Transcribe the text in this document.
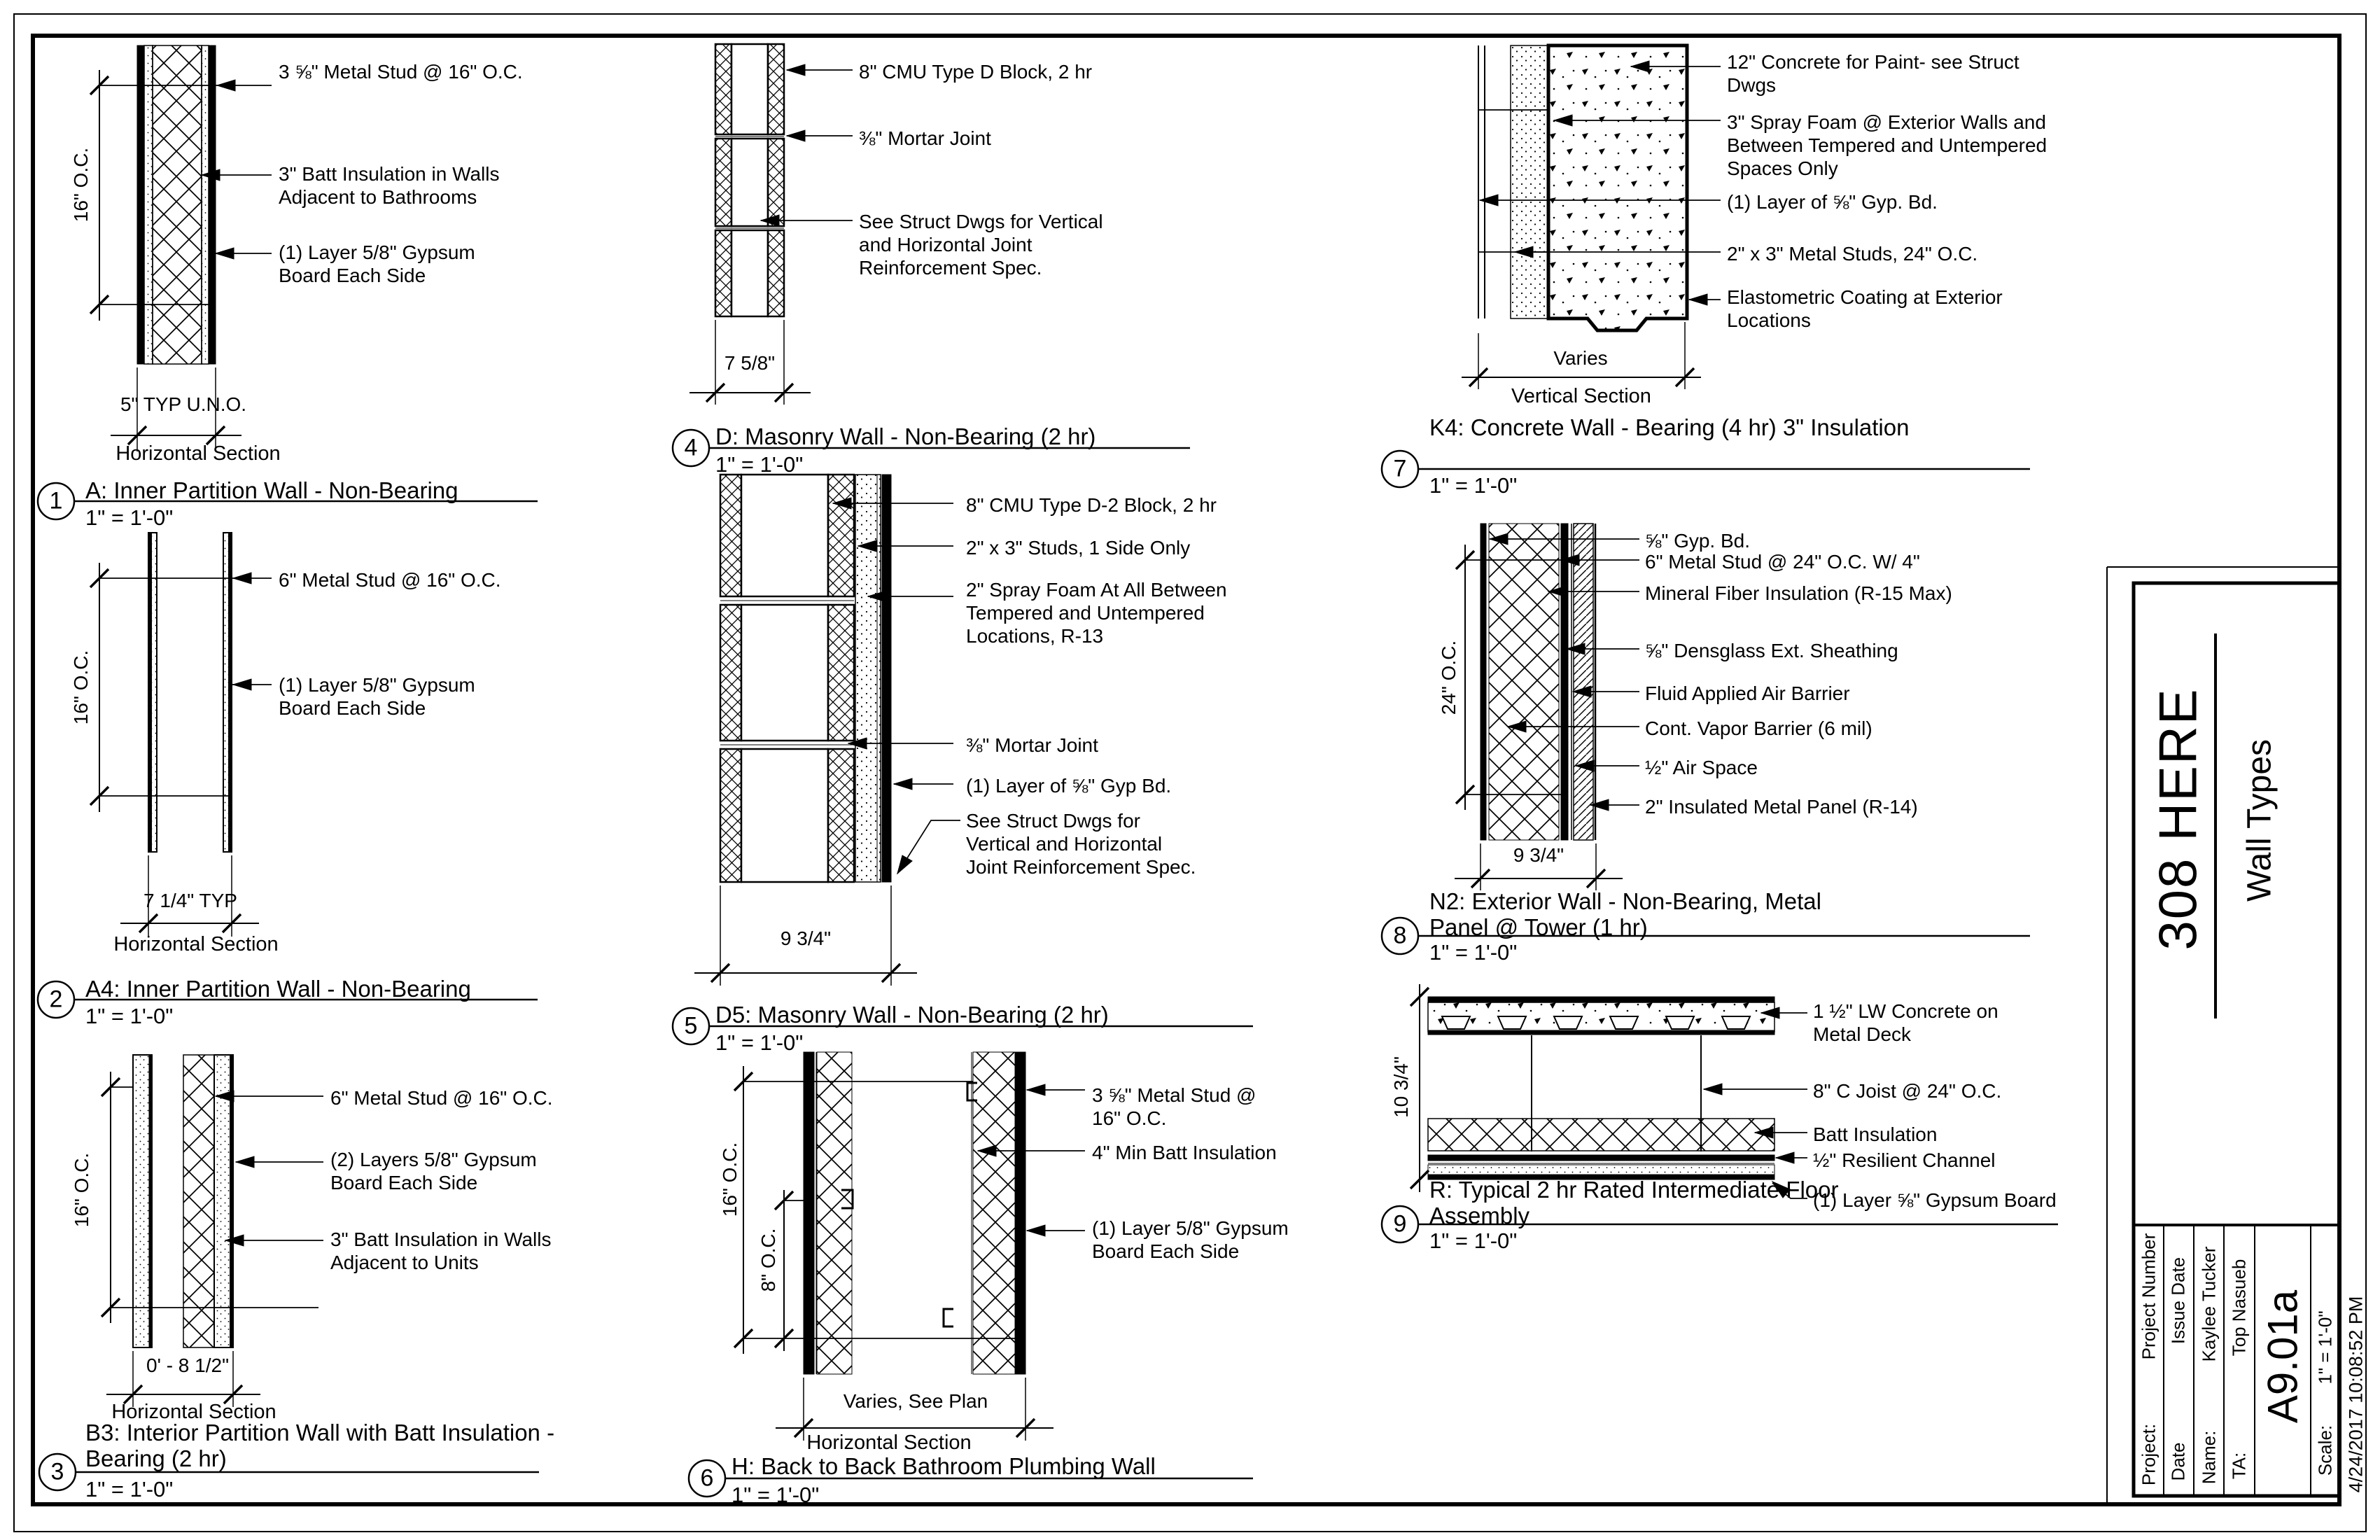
16" O.C.
3 ⅝" Metal Stud @ 16" O.C.
3" Batt Insulation in Walls Adjacent to Bathrooms
(1) Layer 5/8" Gypsum Board Each Side
5" TYP U.N.O.
Horizontal Section
1 A: Inner Partition Wall - Non-Bearing
1" = 1'-0"
16" O.C.
6" Metal Stud @ 16" O.C.
(1) Layer 5/8" Gypsum Board Each Side
7 1/4" TYP
Horizontal Section
2 A4: Inner Partition Wall - Non-Bearing
1" = 1'-0"
16" O.C.
6" Metal Stud @ 16" O.C.
(2) Layers 5/8" Gypsum Board Each Side
3" Batt Insulation in Walls Adjacent to Units
0' - 8 1/2"
Horizontal Section
3
B3: Interior Partition Wall with Batt Insulation - Bearing (2 hr)
1" = 1'-0"
8" CMU Type D Block, 2 hr
⅜" Mortar Joint
See Struct Dwgs for Vertical and Horizontal Joint Reinforcement Spec.
7 5/8"
4 D: Masonry Wall - Non-Bearing (2 hr)
1" = 1'-0"
8" CMU Type D-2 Block, 2 hr
2" x 3" Studs, 1 Side Only
2" Spray Foam At All Between Tempered and Untempered Locations, R-13
⅜" Mortar Joint
(1) Layer of ⅝" Gyp Bd.
See Struct Dwgs for Vertical and Horizontal Joint Reinforcement Spec.
9 3/4"
5 D5: Masonry Wall - Non-Bearing (2 hr)
1" = 1'-0"
16" O.C.
8" O.C.
3 ⅝" Metal Stud @ 16" O.C.
4" Min Batt Insulation
(1) Layer 5/8" Gypsum Board Each Side
Varies, See Plan
Horizontal Section
6 H: Back to Back Bathroom Plumbing Wall
1" = 1'-0"
12" Concrete for Paint- see Struct Dwgs
3" Spray Foam @ Exterior Walls and Between Tempered and Untempered Spaces Only
(1) Layer of ⅝" Gyp. Bd.
2" x 3" Metal Studs, 24" O.C.
Elastometric Coating at Exterior Locations
Varies
Vertical Section
7
K4: Concrete Wall - Bearing (4 hr) 3" Insulation
1" = 1'-0"
24" O.C.
⅝" Gyp. Bd.
6" Metal Stud @ 24" O.C. W/ 4"
Mineral Fiber Insulation (R-15 Max)
⅝" Densglass Ext. Sheathing
Fluid Applied Air Barrier
Cont. Vapor Barrier (6 mil)
½" Air Space
2" Insulated Metal Panel (R-14)
9 3/4"
8
N2: Exterior Wall - Non-Bearing, Metal Panel @ Tower (1 hr)
1" = 1'-0"
10 3/4"
1 ½" LW Concrete on Metal Deck
8" C Joist @ 24" O.C.
Batt Insulation
½" Resilient Channel
(1) Layer ⅝" Gypsum Board
9
R: Typical 2 hr Rated Intermediate Floor Assembly
1" = 1'-0"
308 HERE Wall Types
Project:
Project Number
Date
Issue Date
Name:
Kaylee Tucker
TA:
Top Nasueb A9.01a
Scale:
1" = 1'-0" 4/24/2017 10:08:52 PM
